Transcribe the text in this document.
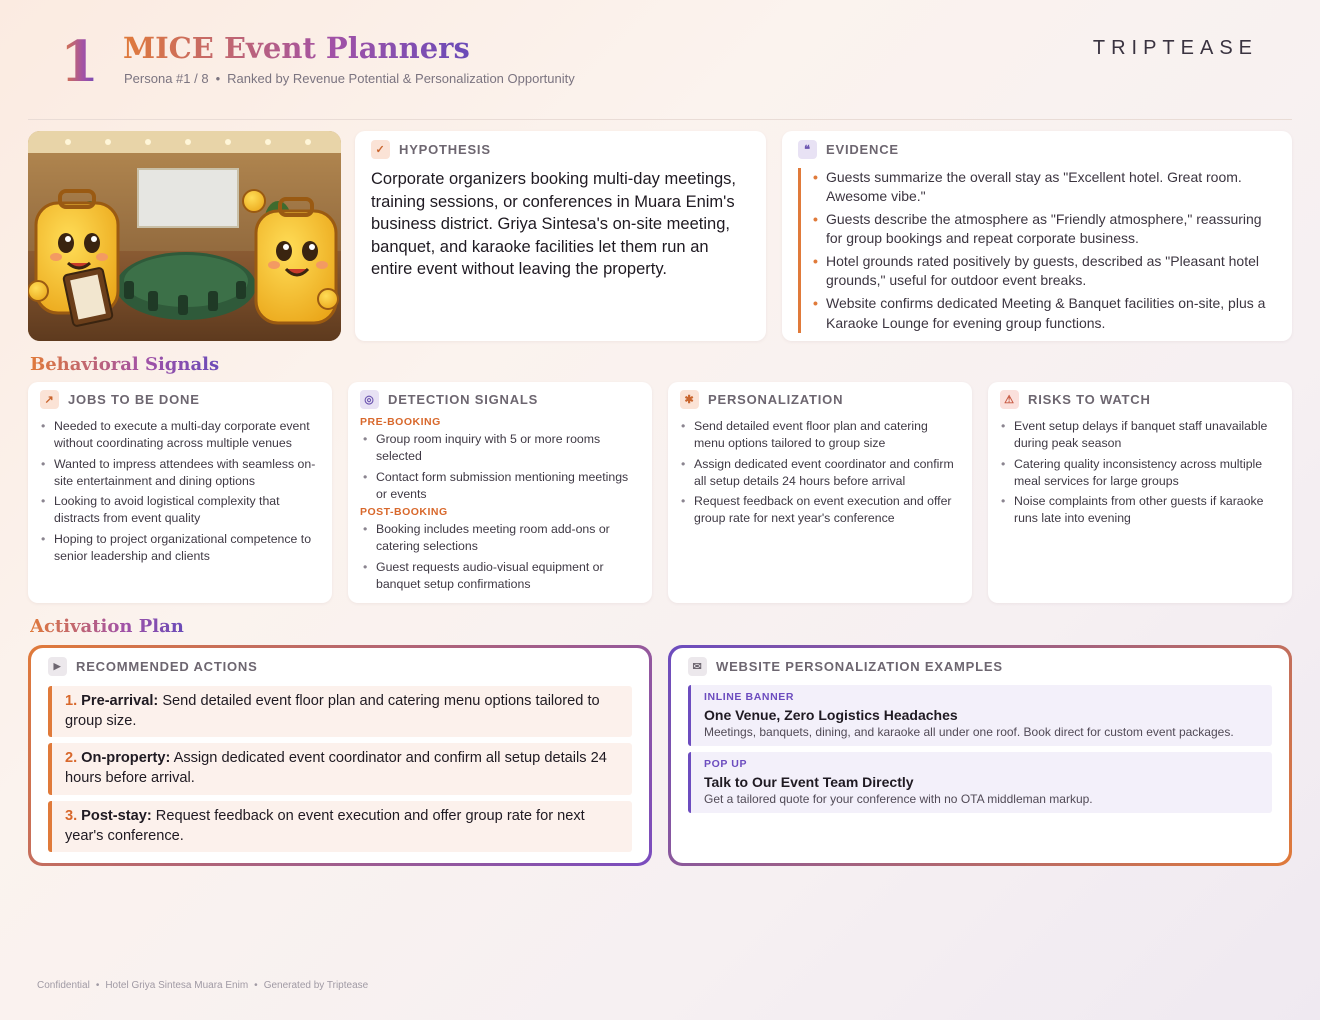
1 MICE Event Planners
Persona #1 / 8 • Ranked by Revenue Potential & Personalization Opportunity
TRIPTEASE
✓	HYPOTHESIS
Corporate organizers booking multi-day meetings, training sessions, or conferences in Muara Enim's business district. Griya Sintesa's on-site meeting, banquet, and karaoke facilities let them run an entire event without leaving the property.
❝	EVIDENCE
• Guests summarize the overall stay as "Excellent hotel. Great room. Awesome vibe."
• Guests describe the atmosphere as "Friendly atmosphere," reassuring for group bookings and repeat corporate business.
• Hotel grounds rated positively by guests, described as "Pleasant hotel grounds," useful for outdoor event breaks.
• Website confirms dedicated Meeting & Banquet facilities on-site, plus a Karaoke Lounge for evening group functions.
Behavioral Signals
↗	JOBS TO BE DONE
• Needed to execute a multi-day corporate event without coordinating across multiple venues
• Wanted to impress attendees with seamless on-site entertainment and dining options
• Looking to avoid logistical complexity that distracts from event quality
• Hoping to project organizational competence to senior leadership and clients
◎	DETECTION SIGNALS
PRE-BOOKING
• Group room inquiry with 5 or more rooms selected
• Contact form submission mentioning meetings or events
POST-BOOKING
• Booking includes meeting room add-ons or catering selections
• Guest requests audio-visual equipment or banquet setup confirmations
✱	PERSONALIZATION
• Send detailed event floor plan and catering menu options tailored to group size
• Assign dedicated event coordinator and confirm all setup details 24 hours before arrival
• Request feedback on event execution and offer group rate for next year's conference
⚠	RISKS TO WATCH
• Event setup delays if banquet staff unavailable during peak season
• Catering quality inconsistency across multiple meal services for large groups
• Noise complaints from other guests if karaoke runs late into evening
Activation Plan
▶	RECOMMENDED ACTIONS
1. Pre-arrival: Send detailed event floor plan and catering menu options tailored to group size.
2. On-property: Assign dedicated event coordinator and confirm all setup details 24 hours before arrival.
3. Post-stay: Request feedback on event execution and offer group rate for next year's conference.
✉	WEBSITE PERSONALIZATION EXAMPLES
INLINE BANNER
One Venue, Zero Logistics Headaches
Meetings, banquets, dining, and karaoke all under one roof. Book direct for custom event packages.
POP UP
Talk to Our Event Team Directly
Get a tailored quote for your conference with no OTA middleman markup.
Confidential • Hotel Griya Sintesa Muara Enim • Generated by Triptease
